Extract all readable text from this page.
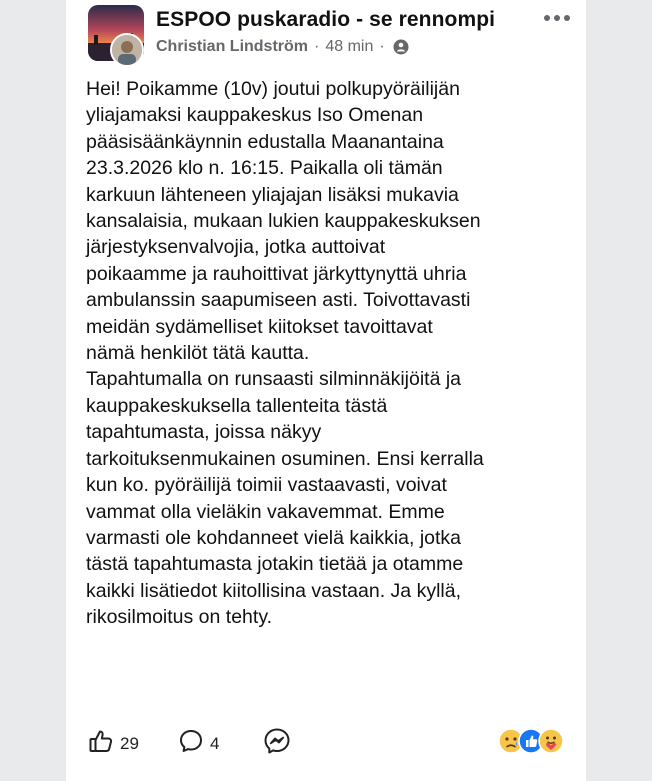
ESPOO puskaradio - se rennompi
Christian Lindström · 48 min ·
Hei! Poikamme (10v) joutui polkupyöräilijän
yliajamaksi kauppakeskus Iso Omenan
pääsisäänkäynnin edustalla Maanantaina
23.3.2026 klo n. 16:15. Paikalla oli tämän
karkuun lähteneen yliajajan lisäksi mukavia
kansalaisia, mukaan lukien kauppakeskuksen
järjestyksenvalvojia, jotka auttoivat
poikaamme ja rauhoittivat järkyttynyttä uhria
ambulanssin saapumiseen asti. Toivottavasti
meidän sydämelliset kiitokset tavoittavat
nämä henkilöt tätä kautta.
Tapahtumalla on runsaasti silminnäkijöitä ja
kauppakeskuksella tallenteita tästä
tapahtumasta, joissa näkyy
tarkoituksenmukainen osuminen. Ensi kerralla
kun ko. pyöräilijä toimii vastaavasti, voivat
vammat olla vieläkin vakavemmat. Emme
varmasti ole kohdanneet vielä kaikkia, jotka
tästä tapahtumasta jotakin tietää ja otamme
kaikki lisätiedot kiitollisina vastaan. Ja kyllä,
rikosilmoitus on tehty.
29	4
